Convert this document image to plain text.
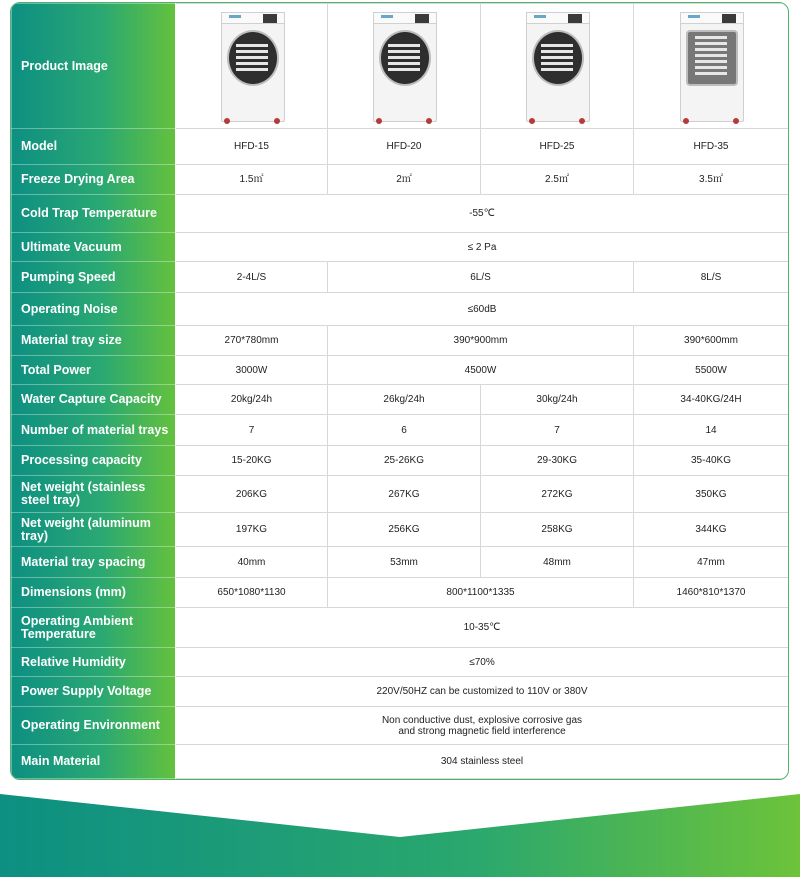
Product Image	

Model	HFD-15	HFD-20	HFD-25	HFD-35
Freeze Drying Area	1.5㎡	2㎡	2.5㎡	3.5㎡
Cold Trap Temperature	-55℃			
Ultimate Vacuum	≤ 2 Pa			
Pumping Speed	2-4L/S	6L/S		8L/S
Operating Noise	≤60dB			
Material tray size	270*780mm	390*900mm		390*600mm
Total Power	3000W	4500W		5500W
Water Capture Capacity	20kg/24h	26kg/24h	30kg/24h	34-40KG/24H
Number of material trays	7	6	7	14
Processing capacity	15-20KG	25-26KG	29-30KG	35-40KG
Net weight (stainless steel tray)	206KG	267KG	272KG	350KG
Net weight (aluminum tray)	197KG	256KG	258KG	344KG
Material tray spacing	40mm	53mm	48mm	47mm
Dimensions (mm)	650*1080*1130	800*1100*1335		1460*810*1370
Operating Ambient Temperature	10-35℃			
Relative Humidity	≤70%			
Power Supply Voltage	220V/50HZ can be customized to 110V or 380V			
Operating Environment	Non conductive dust, explosive corrosive gas and strong magnetic field interference			

Main Material	304 stainless steel			
